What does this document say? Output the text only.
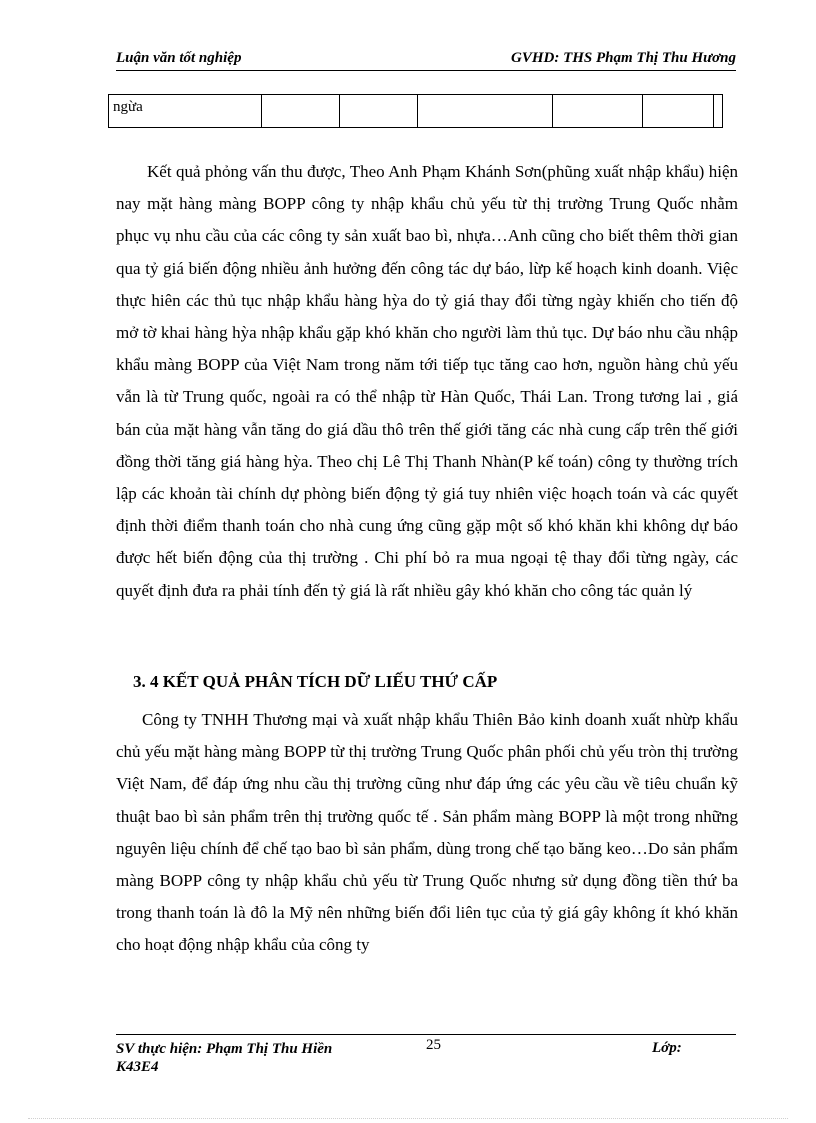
Luận văn tốt nghiệp	GVHD: THS Phạm Thị Thu Hương
ngừa						

Kết quả phỏng vấn thu được, Theo Anh Phạm Khánh Sơn(phũng xuất nhập khẩu) hiện nay mặt hàng màng BOPP công ty nhập khẩu chủ yếu từ thị trường Trung Quốc nhằm phục vụ nhu cầu của các công ty sản xuất bao bì, nhựa…Anh cũng cho biết thêm thời gian qua tỷ giá biến động nhiều ảnh hưởng đến công tác dự báo, lừp kế hoạch kinh doanh. Việc thực hiên các thủ tục nhập khẩu hàng hỳa do tỷ giá thay đổi từng ngày khiến cho tiến độ mở tờ khai hàng hỳa nhập khẩu gặp khó khăn cho người làm thủ tục. Dự báo nhu cầu nhập khẩu màng BOPP của Việt Nam trong năm tới tiếp tục tăng cao hơn, nguồn hàng chủ yếu vẫn là từ Trung quốc, ngoài ra có thể nhập từ Hàn Quốc, Thái Lan. Trong tương lai , giá bán của mặt hàng vẫn tăng do giá dầu thô trên thế giới tăng các nhà cung cấp trên thế giới đồng thời tăng giá hàng hỳa. Theo chị Lê Thị Thanh Nhàn(P kế toán) công ty thường trích lập các khoản tài chính dự phòng biến động tỷ giá tuy nhiên việc hoạch toán và các quyết định thời điểm thanh toán cho nhà cung ứng cũng gặp một số khó khăn khi không dự báo được hết biến động của thị trường . Chi phí bỏ ra mua ngoại tệ thay đổi từng ngày, các quyết định đưa ra phải tính đến tỷ giá là rất nhiều gây khó khăn cho công tác quản lý

3. 4 KẾT QUẢ PHÂN TÍCH DỮ LIẾU THỨ CẤP

Công ty TNHH Thương mại và xuất nhập khẩu Thiên Bảo kinh doanh xuất nhừp khẩu chủ yếu mặt hàng màng BOPP từ thị trường Trung Quốc phân phối chủ yếu tròn thị trường Việt Nam, để đáp ứng nhu cầu thị trường cũng như đáp ứng các yêu cầu về tiêu chuẩn kỹ thuật bao bì sản phẩm trên thị trường quốc tế . Sản phẩm màng BOPP là một trong những nguyên liệu chính để chế tạo bao bì sản phẩm, dùng trong chế tạo băng keo…Do sản phẩm màng BOPP công ty nhập khẩu chủ yếu từ Trung Quốc nhưng sử dụng đồng tiền thứ ba trong thanh toán là đô la Mỹ nên những biến đổi liên tục của tỷ giá gây không ít khó khăn cho hoạt động nhập khẩu của công ty

SV thực hiện: Phạm Thị Thu Hiền
K43E4
25	Lớp:
